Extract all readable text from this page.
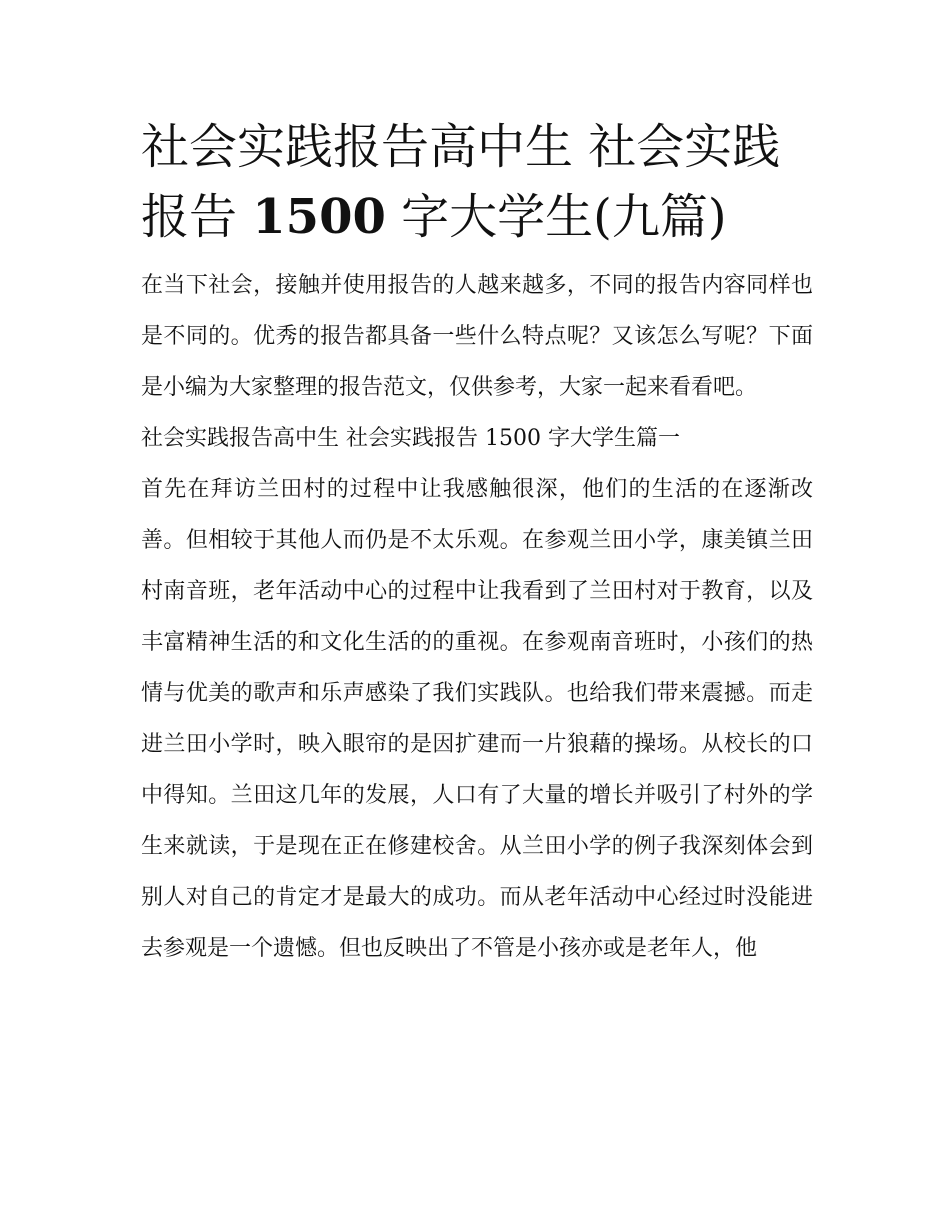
社会实践报告高中生 社会实践
报告 1500 字大学生(九篇)

在当下社会，接触并使用报告的人越来越多，不同的报告内容同样也是不同的。优秀的报告都具备一些什么特点呢？又该怎么写呢？下面是小编为大家整理的报告范文，仅供参考，大家一起来看看吧。

社会实践报告高中生 社会实践报告 1500 字大学生篇一

首先在拜访兰田村的过程中让我感触很深，他们的生活的在逐渐改善。但相较于其他人而仍是不太乐观。在参观兰田小学，康美镇兰田村南音班，老年活动中心的过程中让我看到了兰田村对于教育，以及丰富精神生活的和文化生活的的重视。在参观南音班时，小孩们的热情与优美的歌声和乐声感染了我们实践队。也给我们带来震撼。而走进兰田小学时，映入眼帘的是因扩建而一片狼藉的操场。从校长的口中得知。兰田这几年的发展，人口有了大量的增长并吸引了村外的学生来就读，于是现在正在修建校舍。从兰田小学的例子我深刻体会到别人对自己的肯定才是最大的成功。而从老年活动中心经过时没能进去参观是一个遗憾。但也反映出了不管是小孩亦或是老年人，他
